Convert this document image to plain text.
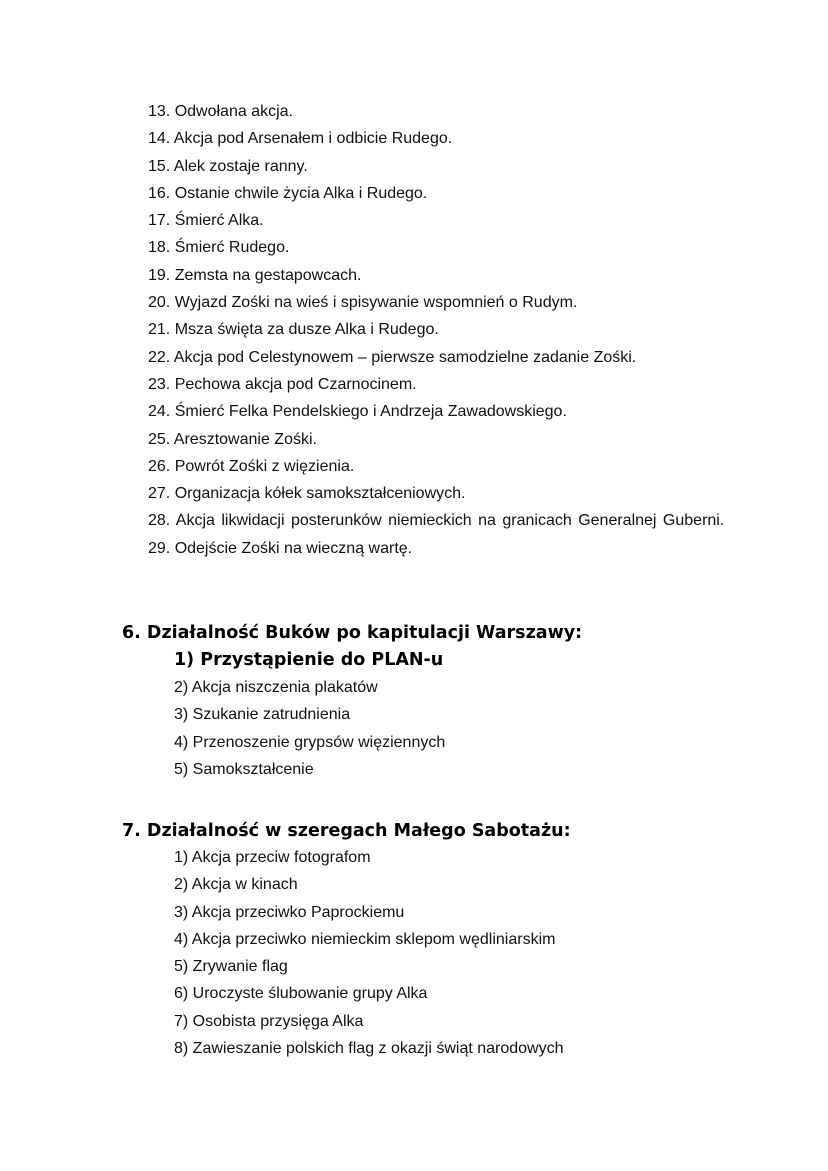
13. Odwołana akcja.
14. Akcja pod Arsenałem i odbicie Rudego.
15. Alek zostaje ranny.
16. Ostanie chwile życia Alka i Rudego.
17. Śmierć Alka.
18. Śmierć Rudego.
19. Zemsta na gestapowcach.
20. Wyjazd Zośki na wieś i spisywanie wspomnień o Rudym.
21. Msza święta za dusze Alka i Rudego.
22. Akcja pod Celestynowem – pierwsze samodzielne zadanie Zośki.
23. Pechowa akcja pod Czarnocinem.
24. Śmierć Felka Pendelskiego i Andrzeja Zawadowskiego.
25. Aresztowanie Zośki.
26. Powrót Zośki z więzienia.
27. Organizacja kółek samokształceniowych.
28. Akcja likwidacji posterunków niemieckich na granicach Generalnej Guberni.
29. Odejście Zośki na wieczną wartę.
6. Działalność Buków po kapitulacji Warszawy:
1) Przystąpienie do PLAN-u
2) Akcja niszczenia plakatów
3) Szukanie zatrudnienia
4) Przenoszenie grypsów więziennych
5) Samokształcenie
7. Działalność w szeregach Małego Sabotażu:
1) Akcja przeciw fotografom
2) Akcja w kinach
3) Akcja przeciwko Paprockiemu
4) Akcja przeciwko niemieckim sklepom wędliniarskim
5) Zrywanie flag
6) Uroczyste ślubowanie grupy Alka
7) Osobista przysięga Alka
8) Zawieszanie polskich flag z okazji świąt narodowych
